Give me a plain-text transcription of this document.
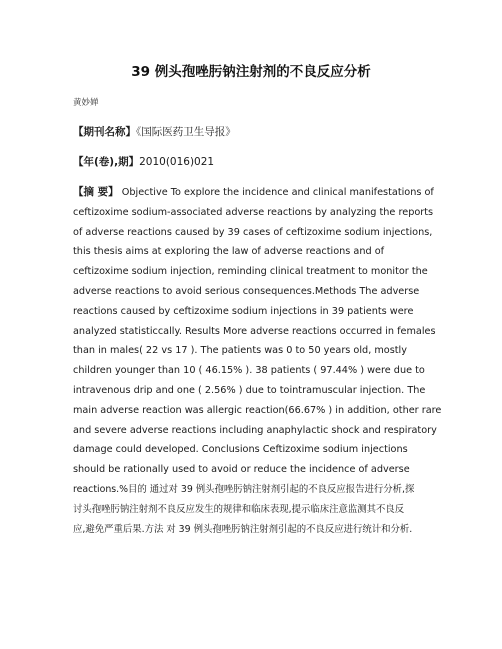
39 例头孢唑肟钠注射剂的不良反应分析
黄妙婵
【期刊名称】《国际医药卫生导报》
【年(卷),期】2010(016)021
【摘 要】 Objective To explore the incidence and clinical manifestations of
ceftizoxime sodium-associated adverse reactions by analyzing the reports
of adverse reactions caused by 39 cases of ceftizoxime sodium injections,
this thesis aims at exploring the law of adverse reactions and of
ceftizoxime sodium injection, reminding clinical treatment to monitor the
adverse reactions to avoid serious consequences.Methods The adverse
reactions caused by ceftizoxime sodium injections in 39 patients were
analyzed statisticcally. Results More adverse reactions occurred in females
than in males( 22 vs 17 ). The patients was 0 to 50 years old, mostly
children younger than 10 ( 46.15% ). 38 patients ( 97.44% ) were due to
intravenous drip and one ( 2.56% ) due to tointramuscular injection. The
main adverse reaction was allergic reaction(66.67% ) in addition, other rare
and severe adverse reactions including anaphylactic shock and respiratory
damage could developed. Conclusions Ceftizoxime sodium injections
should be rationally used to avoid or reduce the incidence of adverse
reactions.%目的 通过对 39 例头孢唑肟钠注射剂引起的不良反应报告进行分析,探
讨头孢唑肟钠注射剂不良反应发生的规律和临床表现,提示临床注意监测其不良反
应,避免严重后果.方法 对 39 例头孢唑肟钠注射剂引起的不良反应进行统计和分析.
